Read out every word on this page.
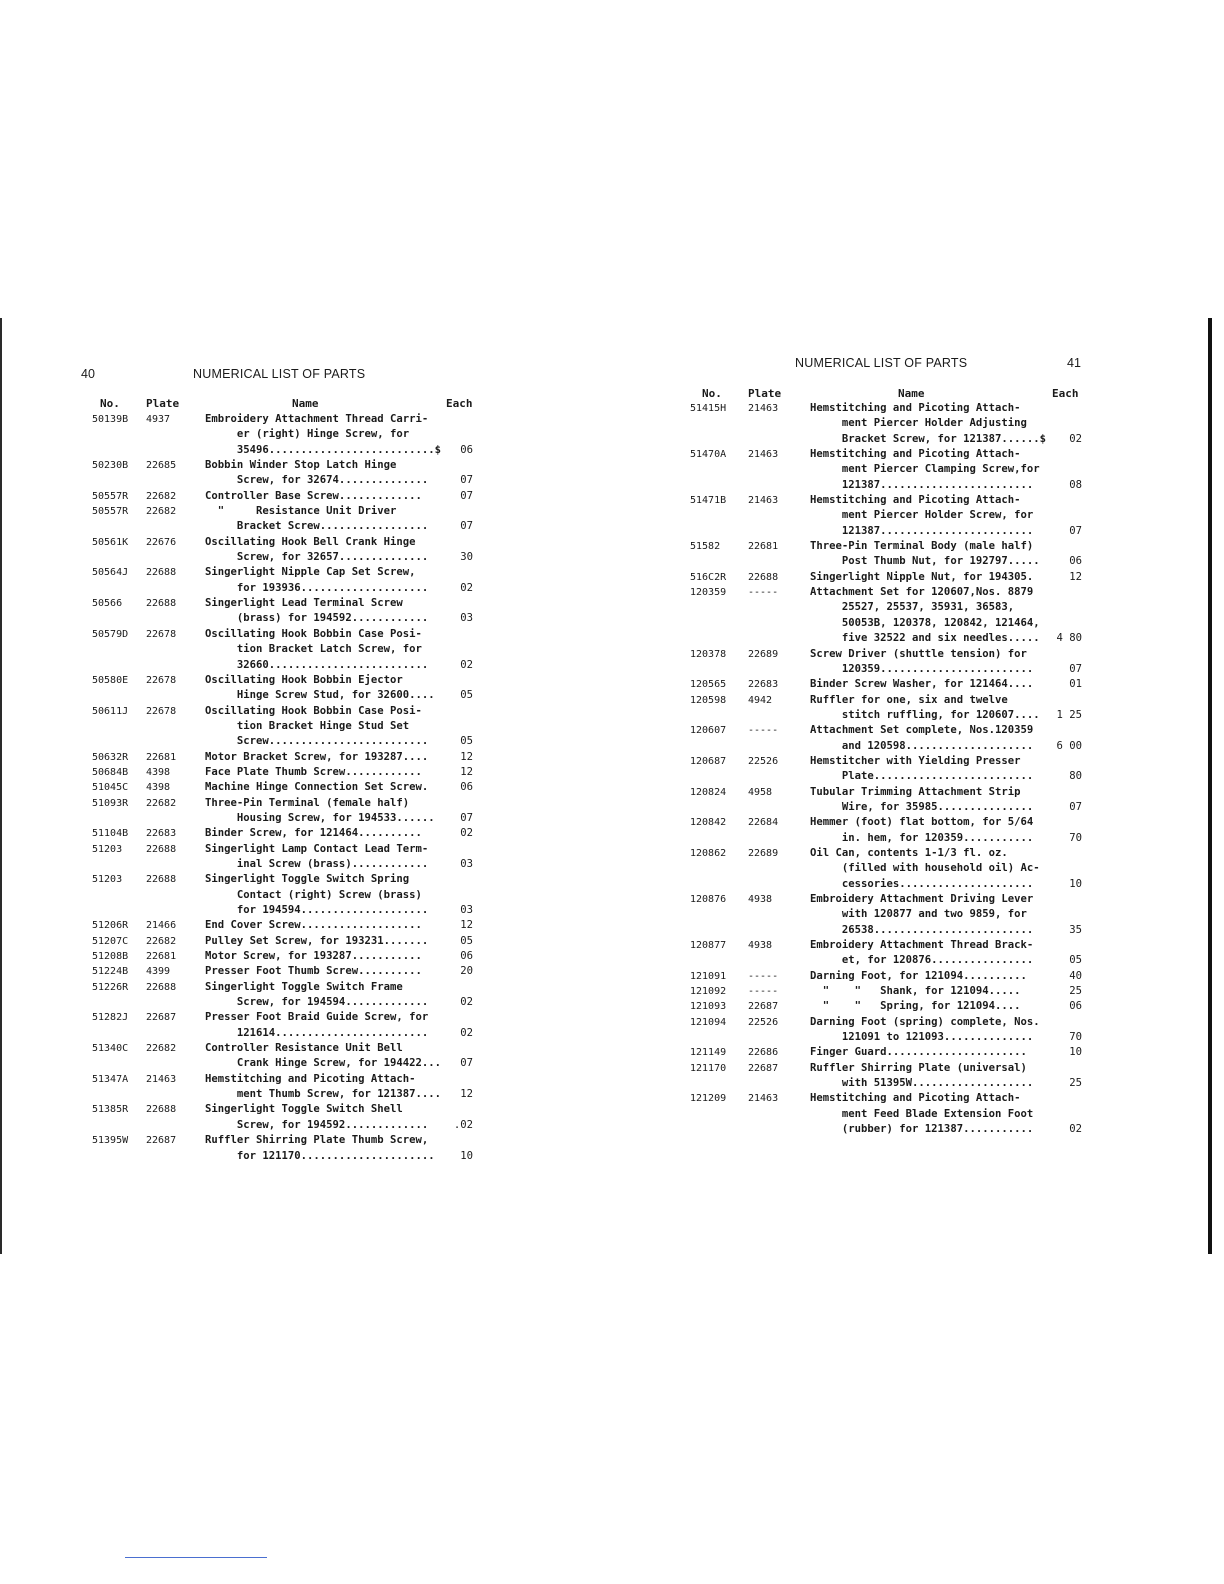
40	NUMERICAL LIST OF PARTS
No. Plate	Name	Each
50139B 4937	Embroidery Attachment Thread Carri-
er (right) Hinge Screw, for
35496..........................$	06
50230B 22685	Bobbin Winder Stop Latch Hinge
Screw, for 32674..............	07
50557R 22682	Controller Base Screw.............	07
50557R 22682	"     Resistance Unit Driver
Bracket Screw.................	07
50561K 22676	Oscillating Hook Bell Crank Hinge
Screw, for 32657..............	30
50564J 22688	Singerlight Nipple Cap Set Screw,
for 193936....................	02
50566 22688	Singerlight Lead Terminal Screw
(brass) for 194592............	03
50579D 22678	Oscillating Hook Bobbin Case Posi-
tion Bracket Latch Screw, for
32660.........................	02
50580E 22678	Oscillating Hook Bobbin Ejector
Hinge Screw Stud, for 32600....	05
50611J 22678	Oscillating Hook Bobbin Case Posi-
tion Bracket Hinge Stud Set
Screw.........................	05
50632R 22681	Motor Bracket Screw, for 193287....	12
50684B 4398	Face Plate Thumb Screw............	12
51045C 4398	Machine Hinge Connection Set Screw.	06
51093R 22682	Three-Pin Terminal (female half)
Housing Screw, for 194533......	07
51104B 22683	Binder Screw, for 121464..........	02
51203 22688	Singerlight Lamp Contact Lead Term-
inal Screw (brass)............	03
51203 22688	Singerlight Toggle Switch Spring
Contact (right) Screw (brass)
for 194594....................	03
51206R 21466	End Cover Screw...................	12
51207C 22682	Pulley Set Screw, for 193231.......	05
51208B 22681	Motor Screw, for 193287...........	06
51224B 4399	Presser Foot Thumb Screw..........	20
51226R 22688	Singerlight Toggle Switch Frame
Screw, for 194594.............	02
51282J 22687	Presser Foot Braid Guide Screw, for
121614........................	02
51340C 22682	Controller Resistance Unit Bell
Crank Hinge Screw, for 194422...	07
51347A 21463	Hemstitching and Picoting Attach-
ment Thumb Screw, for 121387....	12
51385R 22688	Singerlight Toggle Switch Shell
Screw, for 194592.............	.02
51395W 22687	Ruffler Shirring Plate Thumb Screw,
for 121170.....................	10
NUMERICAL LIST OF PARTS	41
No. Plate	Name	Each
51415H 21463	Hemstitching and Picoting Attach-
ment Piercer Holder Adjusting
Bracket Screw, for 121387......$	02
51470A 21463	Hemstitching and Picoting Attach-
ment Piercer Clamping Screw,for
121387........................	08
51471B 21463	Hemstitching and Picoting Attach-
ment Piercer Holder Screw, for
121387........................	07
51582	22681	Three-Pin Terminal Body (male half)
Post Thumb Nut, for 192797.....	06
516C2R 22688	Singerlight Nipple Nut, for 194305.	12
120359 -----	Attachment Set for 120607,Nos. 8879
25527, 25537, 35931, 36583,
50053B, 120378, 120842, 121464,
five 32522 and six needles.....	4 80
120378 22689	Screw Driver (shuttle tension) for
120359........................	07
120565 22683	Binder Screw Washer, for 121464....	01
120598 4942	Ruffler for one, six and twelve
stitch ruffling, for 120607....	1 25
120607 -----	Attachment Set complete, Nos.120359
and 120598....................	6 00
120687 22526	Hemstitcher with Yielding Presser
Plate.........................	80
120824 4958	Tubular Trimming Attachment Strip
Wire, for 35985...............	07
120842 22684	Hemmer (foot) flat bottom, for 5/64
in. hem, for 120359...........	70
120862 22689	Oil Can, contents 1-1/3 fl. oz.
(filled with household oil) Ac-
cessories.....................	10
120876 4938	Embroidery Attachment Driving Lever
with 120877 and two 9859, for
26538.........................	35
120877 4938	Embroidery Attachment Thread Brack-
et, for 120876................	05
121091 -----	Darning Foot, for 121094..........	40
121092 -----	"    "   Shank, for 121094.....	25
121093 22687	"    "   Spring, for 121094....	06
121094 22526	Darning Foot (spring) complete, Nos.
121091 to 121093..............	70
121149 22686	Finger Guard......................	10
121170 22687	Ruffler Shirring Plate (universal)
with 51395W...................	25
121209 21463	Hemstitching and Picoting Attach-
ment Feed Blade Extension Foot
(rubber) for 121387...........	02
